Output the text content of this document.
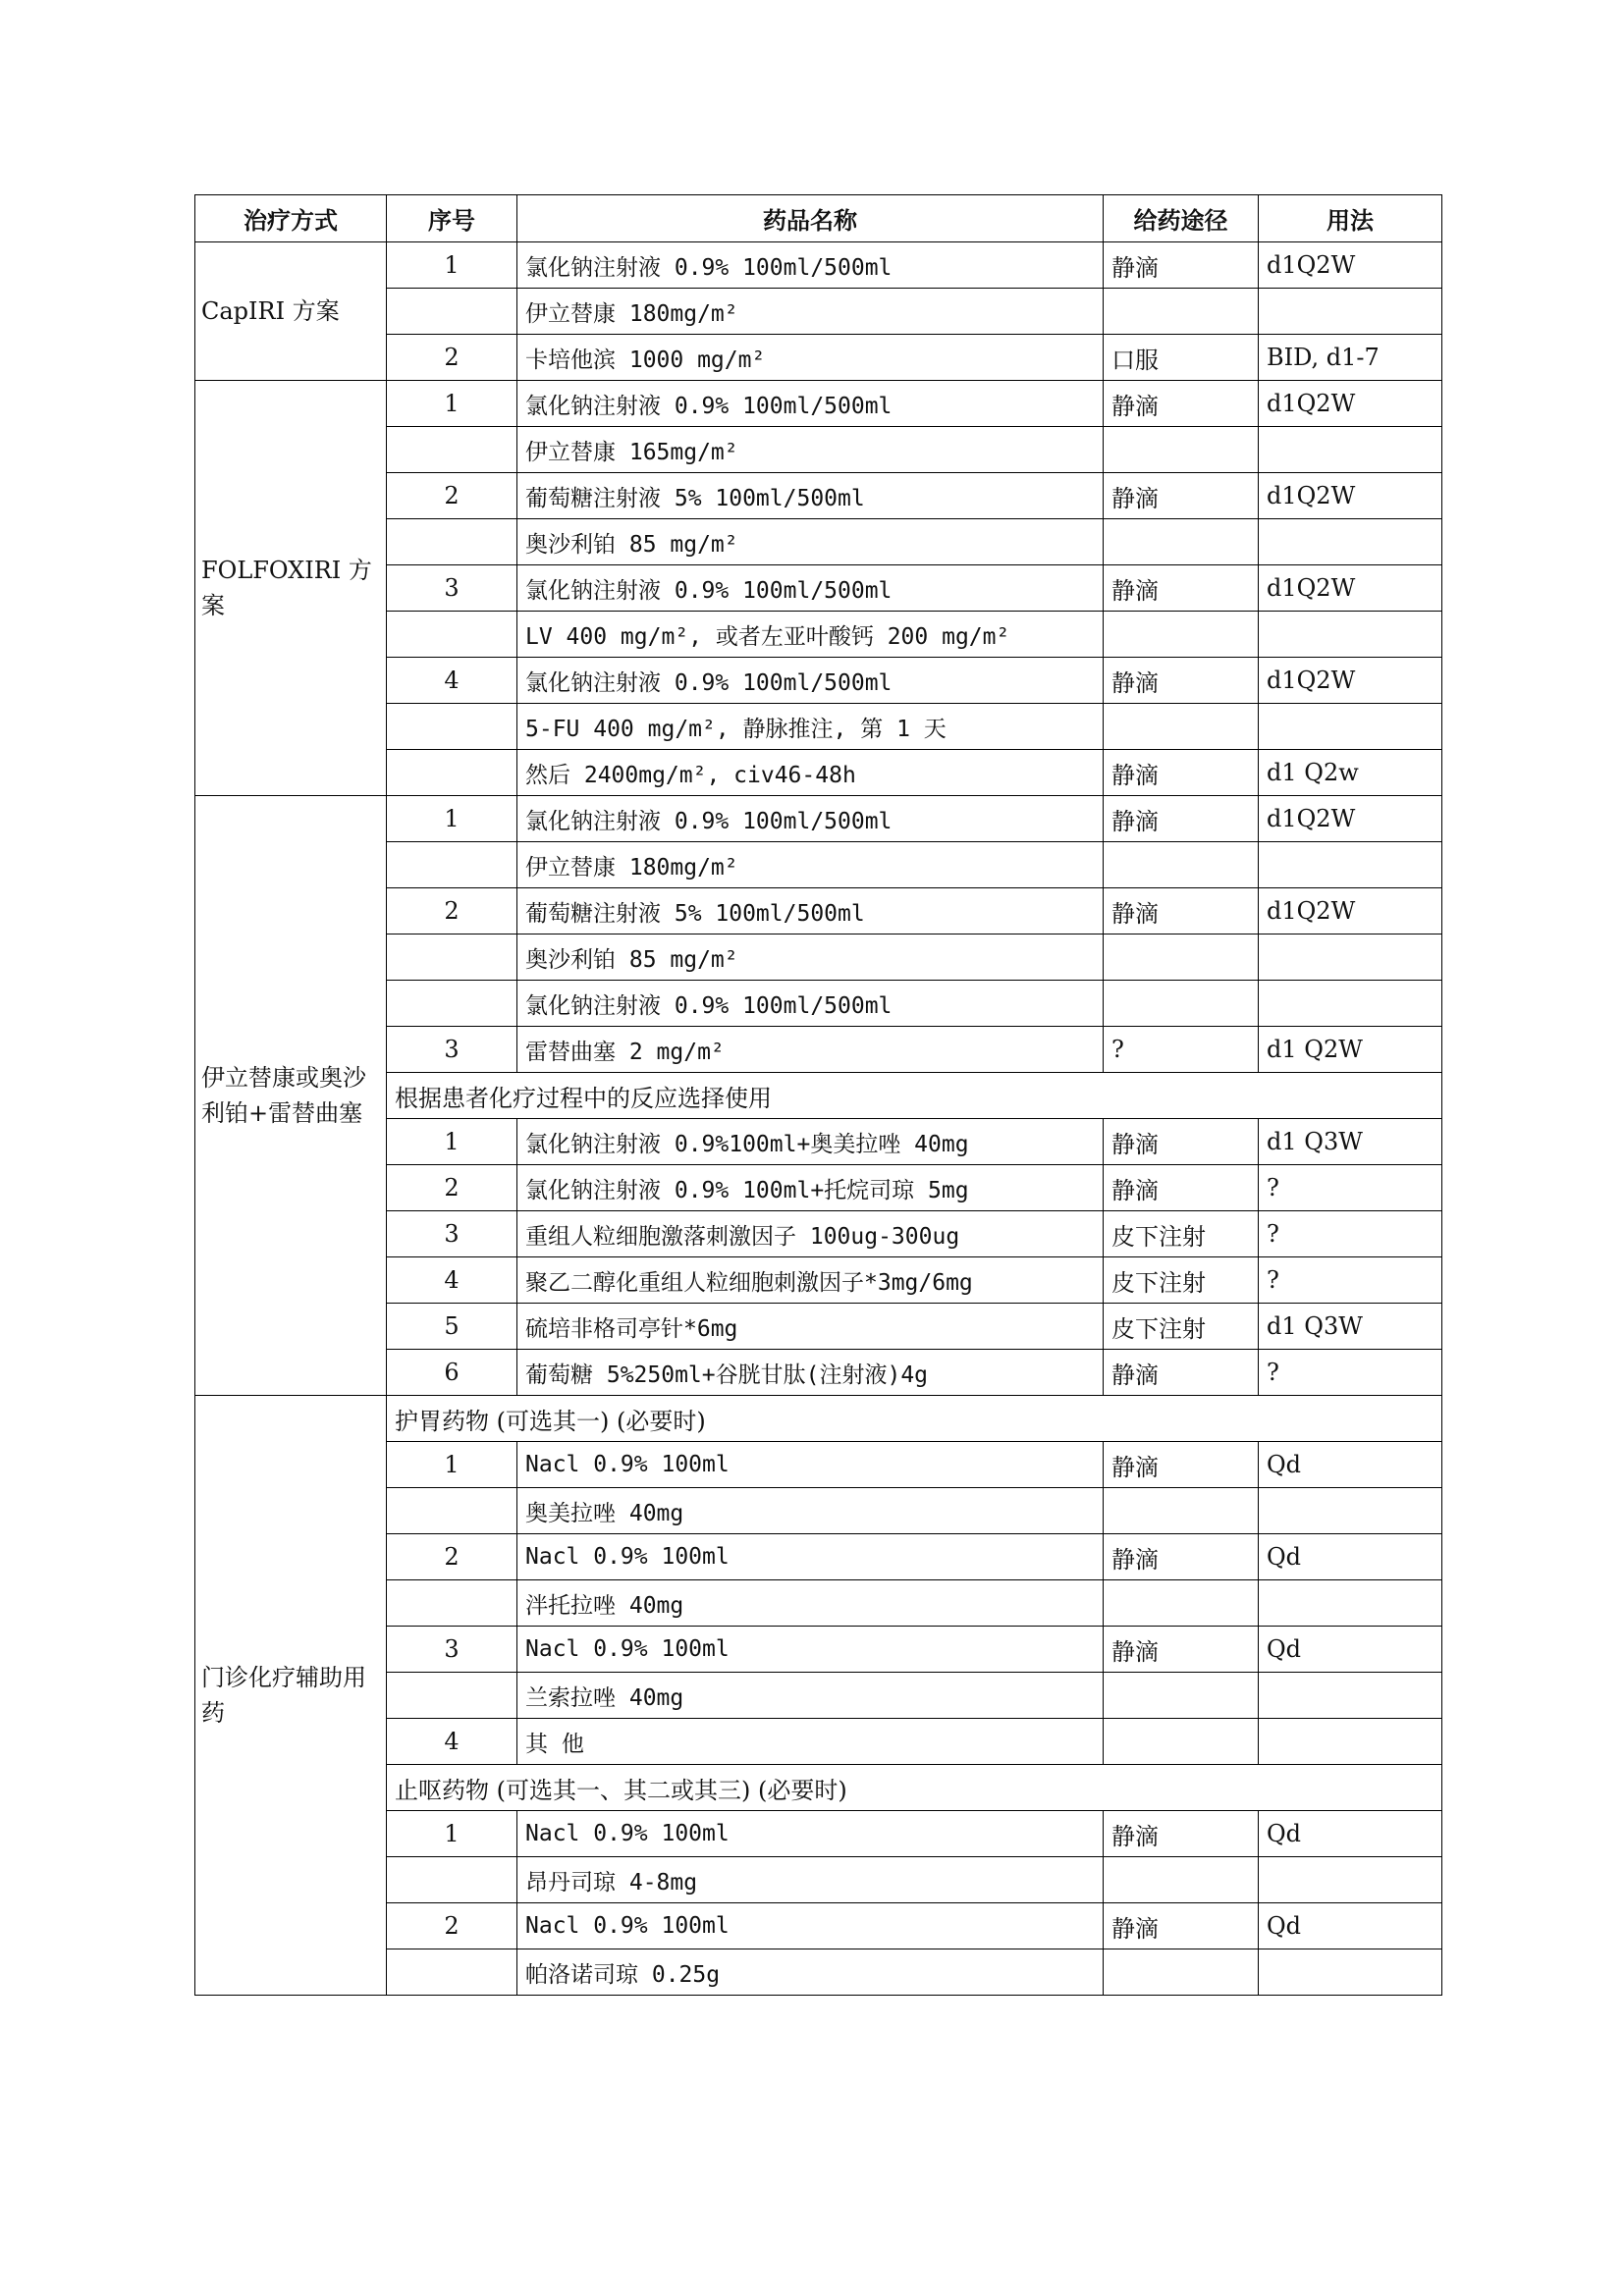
治疗方式	序号	药品名称	给药途径	用法
CapIRI 方案	1	氯化钠注射液 0.9% 100ml/500ml	静滴	d1Q2W
		伊立替康 180mg/m²		
	2	卡培他滨 1000 mg/m²	口服	BID, d1-7
FOLFOXIRI 方案	1	氯化钠注射液 0.9% 100ml/500ml	静滴	d1Q2W
		伊立替康 165mg/m²		
	2	葡萄糖注射液 5% 100ml/500ml	静滴	d1Q2W
		奥沙利铂 85 mg/m²		
	3	氯化钠注射液 0.9% 100ml/500ml	静滴	d1Q2W
		LV 400 mg/m², 或者左亚叶酸钙 200 mg/m²		
	4	氯化钠注射液 0.9% 100ml/500ml	静滴	d1Q2W
		5-FU 400 mg/m², 静脉推注, 第 1 天		
		然后 2400mg/m², civ46-48h	静滴	d1 Q2w
伊立替康或奥沙利铂+雷替曲塞	1	氯化钠注射液 0.9% 100ml/500ml	静滴	d1Q2W
		伊立替康 180mg/m²		
	2	葡萄糖注射液 5% 100ml/500ml	静滴	d1Q2W
		奥沙利铂 85 mg/m²		
		氯化钠注射液 0.9% 100ml/500ml		
	3	雷替曲塞 2 mg/m²	?	d1 Q2W
	根据患者化疗过程中的反应选择使用			
	1	氯化钠注射液 0.9%100ml+奥美拉唑 40mg	静滴	d1 Q3W
	2	氯化钠注射液 0.9% 100ml+托烷司琼 5mg	静滴	?
	3	重组人粒细胞激落刺激因子 100ug-300ug	皮下注射	?
	4	聚乙二醇化重组人粒细胞刺激因子*3mg/6mg	皮下注射	?
	5	硫培非格司亭针*6mg	皮下注射	d1 Q3W
	6	葡萄糖 5%250ml+谷胱甘肽(注射液)4g	静滴	?
门诊化疗辅助用药	护胃药物 (可选其一) (必要时)			
	1	Nacl 0.9% 100ml	静滴	Qd
		奥美拉唑 40mg		
	2	Nacl 0.9% 100ml	静滴	Qd
		泮托拉唑 40mg		
	3	Nacl 0.9% 100ml	静滴	Qd
		兰索拉唑 40mg		
	4	其 他		
	止呕药物 (可选其一、其二或其三) (必要时)			
	1	Nacl 0.9% 100ml	静滴	Qd
		昂丹司琼 4-8mg		
	2	Nacl 0.9% 100ml	静滴	Qd
		帕洛诺司琼 0.25g		
